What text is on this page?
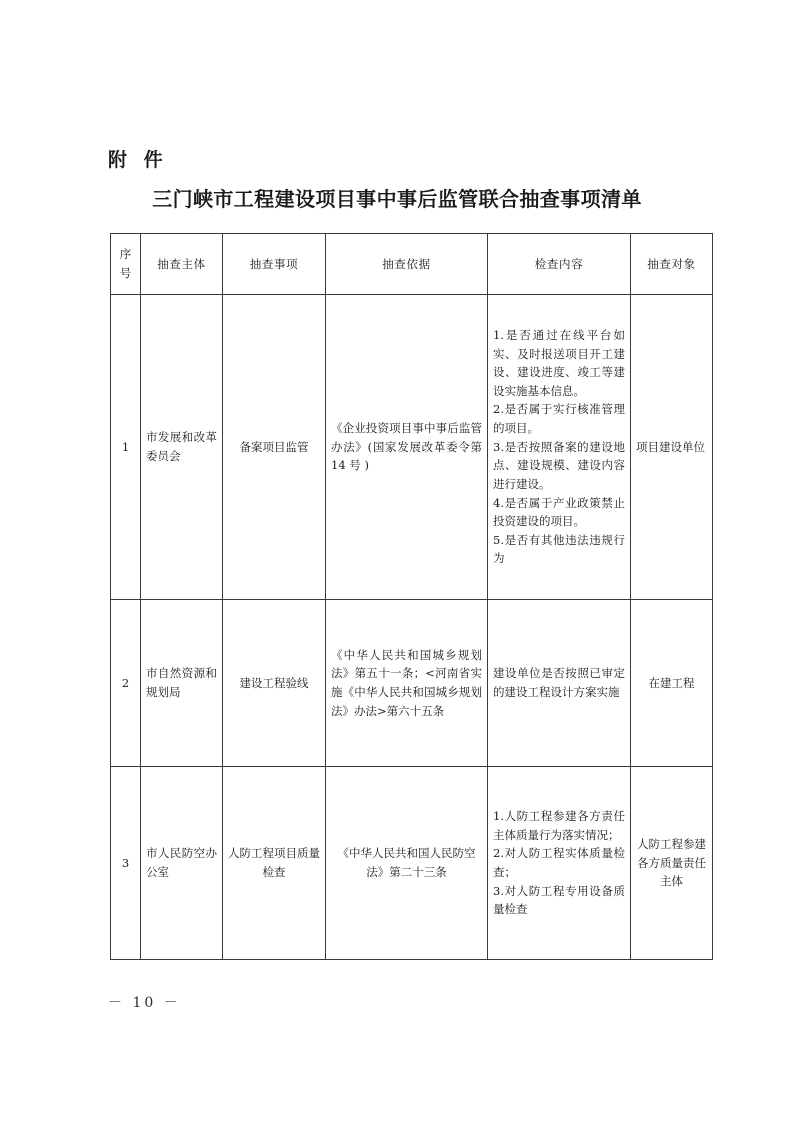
附 件
三门峡市工程建设项目事中事后监管联合抽查事项清单
序
号	抽查主体	抽查事项	抽查依据	检查内容	抽查对象
1	市发展和改革委员会	备案项目监管	《企业投资项目事中事后监管办法》(国家发展改革委令第 14 号 )	1.是否通过在线平台如实、及时报送项目开工建设、建设进度、竣工等建设实施基本信息。
2.是否属于实行核准管理的项目。
3.是否按照备案的建设地点、建设规模、建设内容进行建设。
4.是否属于产业政策禁止投资建设的项目。
5.是否有其他违法违规行为	项目建设单位
2	市自然资源和规划局	建设工程验线	《中华人民共和国城乡规划法》第五十一条；<河南省实施《中华人民共和国城乡规划法》办法>第六十五条	建设单位是否按照已审定的建设工程设计方案实施	在建工程
3	市人民防空办公室	人防工程项目质量检查	《中华人民共和国人民防空法》第二十三条	1.人防工程参建各方责任主体质量行为落实情况；
2.对人防工程实体质量检查；
3.对人防工程专用设备质量检查	人防工程参建各方质量责任主体
－ 10 －
